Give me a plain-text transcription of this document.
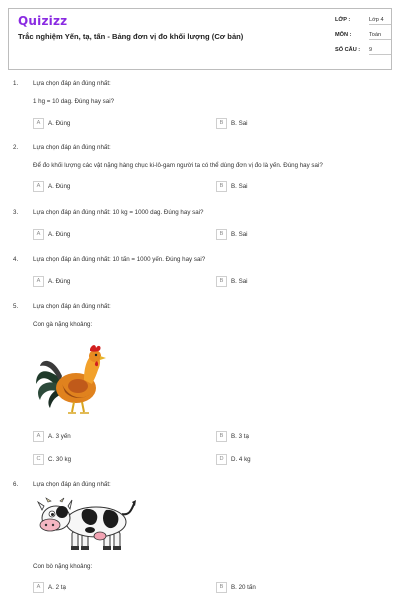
Quizizz
Trắc nghiệm Yến, tạ, tấn - Bảng đơn vị đo khối lượng (Cơ bản)
LỚP :	Lớp 4
MÔN :	Toán
SỐ CÂU : 9
1. Lựa chọn đáp án đúng nhất:
1 hg = 10 dag. Đúng hay sai?
A	A. Đúng	B	B. Sai
2. Lựa chọn đáp án đúng nhất:
Để đo khối lượng các vật nặng hàng chục ki-lô-gam người ta có thể dùng đơn vị đo là yến. Đúng hay sai?
A	A. Đúng	B	B. Sai
3. Lựa chọn đáp án đúng nhất: 10 kg = 1000 dag. Đúng hay sai?
A	A. Đúng	B	B. Sai
4. Lựa chọn đáp án đúng nhất: 10 tấn = 1000 yến. Đúng hay sai?
A	A. Đúng	B	B. Sai
5. Lựa chọn đáp án đúng nhất:
Con gà nặng khoảng:
A	A. 3 yến	B	B. 3 tạ
C	C. 30 kg	D	D. 4 kg
6. Lựa chọn đáp án đúng nhất:
Con bò nặng khoảng:
A	A. 2 tạ	B	B. 20 tấn
